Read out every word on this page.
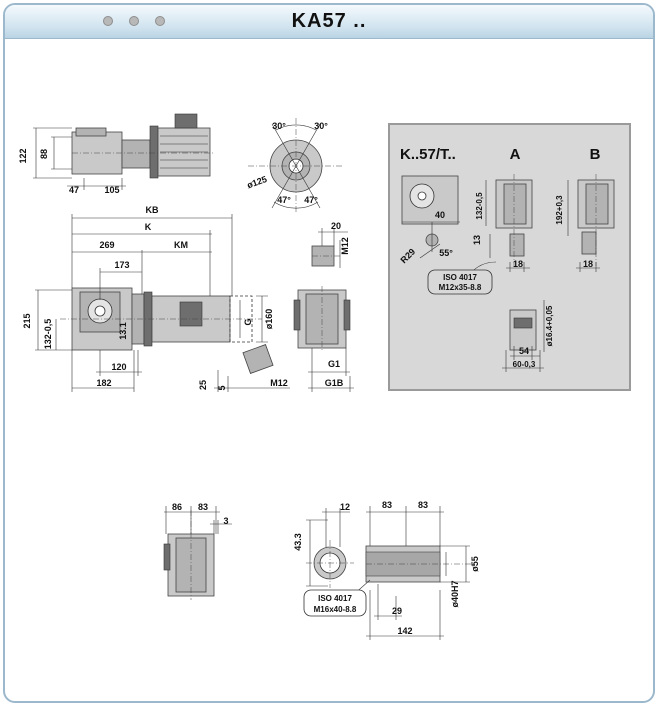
KA57 ..
122 88
47	105
30°	30°
ø125
47° 47°
KB
K
269	KM
173
215 132-0,5	13.1
120
182
G ø160
25 5	M12
20
M12
G1
G1B
K..57/T..	A	B
40
13
R29 55°
132-0,5
18
192+0,3
18
ISO 4017
M12x35-8.8
ø16.4+0,05
54
60-0,3
86 83
3
12
43.3
83	83
ISO 4017
M16x40-8.8	29
142
ø55
ø40H7
